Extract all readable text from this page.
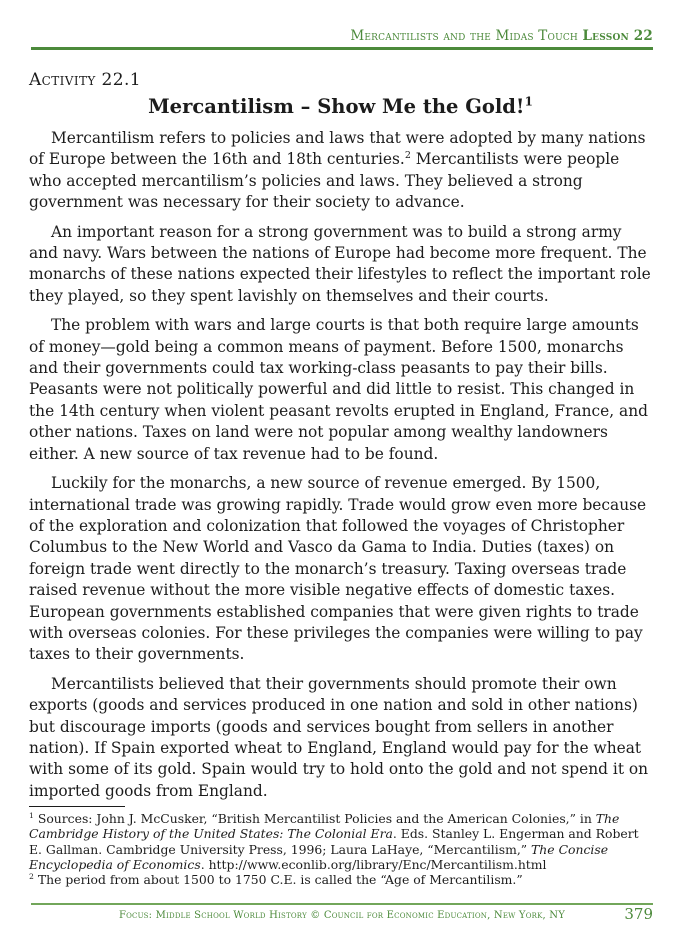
Mercantilists and the Midas Touch Lesson 22
Activity 22.1
Mercantilism – Show Me the Gold!$^1$

Mercantilism refers to policies and laws that were adopted by many nations of Europe between the 16th and 18th centuries.$^2$ Mercantilists were people who accepted mercantilism’s policies and laws. They believed a strong government was necessary for their society to advance.

An important reason for a strong government was to build a strong army and navy. Wars between the nations of Europe had become more frequent. The monarchs of these nations expected their lifestyles to reflect the important role they played, so they spent lavishly on themselves and their courts.

The problem with wars and large courts is that both require large amounts of money—gold being a common means of payment. Before 1500, monarchs and their governments could tax working-class peasants to pay their bills. Peasants were not politically powerful and did little to resist. This changed in the 14th century when violent peasant revolts erupted in England, France, and other nations. Taxes on land were not popular among wealthy landowners either. A new source of tax revenue had to be found.

Luckily for the monarchs, a new source of revenue emerged. By 1500, international trade was growing rapidly. Trade would grow even more because of the exploration and colonization that followed the voyages of Christopher Columbus to the New World and Vasco da Gama to India. Duties (taxes) on foreign trade went directly to the monarch’s treasury. Taxing overseas trade raised revenue without the more visible negative effects of domestic taxes. European governments established companies that were given rights to trade with overseas colonies. For these privileges the companies were willing to pay taxes to their governments.

Mercantilists believed that their governments should promote their own exports (goods and services produced in one nation and sold in other nations) but discourage imports (goods and services bought from sellers in another nation). If Spain exported wheat to England, England would pay for the wheat with some of its gold. Spain would try to hold onto the gold and not spend it on imported goods from England.

$^1$ Sources: John J. McCusker, “British Mercantilist Policies and the American Colonies,” in The Cambridge History of the United States: The Colonial Era. Eds. Stanley L. Engerman and Robert E. Gallman. Cambridge University Press, 1996; Laura LaHaye, “Mercantilism,” The Concise Encyclopedia of Economics. http://www.econlib.org/library/Enc/Mercantilism.html

$^2$ The period from about 1500 to 1750 C.E. is called the “Age of Mercantilism.”

Focus: Middle School World History © Council for Economic Education, New York, NY	379
